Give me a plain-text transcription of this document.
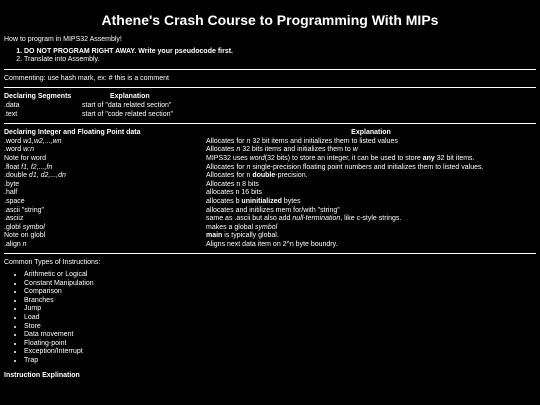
Athene's Crash Course to Programming With MIPs

How to program in MIPS32 Assembly!

1. DO NOT PROGRAM RIGHT AWAY. Write your pseudocode first.
2. Translate into Assembly.

Commenting: use hash mark, ex: # this is a comment

Declaring Segments	Explanation
.data	start of "data related section"
.text	start of "code related section"
Declaring Integer and Floating Point data	Explanation
.word w1,w2,...,wn	Allocates for n 32 bit items and initializes them to listed values
.word w:n	Allocates n 32 bits items and initializes them to w
Note for word	MIPS32 uses word(32 bits) to store an integer, it can be used to store any 32 bit items.
.float f1, f2,...,fn	Allocates for n single-precision floating point numbers and initializes them to listed values.
.double d1, d2,...,dn	Allocates for n double-precision.
.byte	Allocates n 8 bits
.half	allocates n 16 bits
.space	allocates b uninitialized bytes
.ascii "string"	allocates and initilizes mem for/with "string"
.asciiz	same as .ascii but also add null-termination, like c-style strings.
.globl symbol	makes a global symbol
Note on globl	main is typically global.
.align n	Aligns next data item on 2^n byte boundry.

Common Types of Instructions:

• Arithmetic or Logical
• Constant Manipulation
• Comparison
• Branches
• Jump
• Load
• Store
• Data movement
• Floating-point
• Exception/Interrupt
• Trap

Instruction Explination
